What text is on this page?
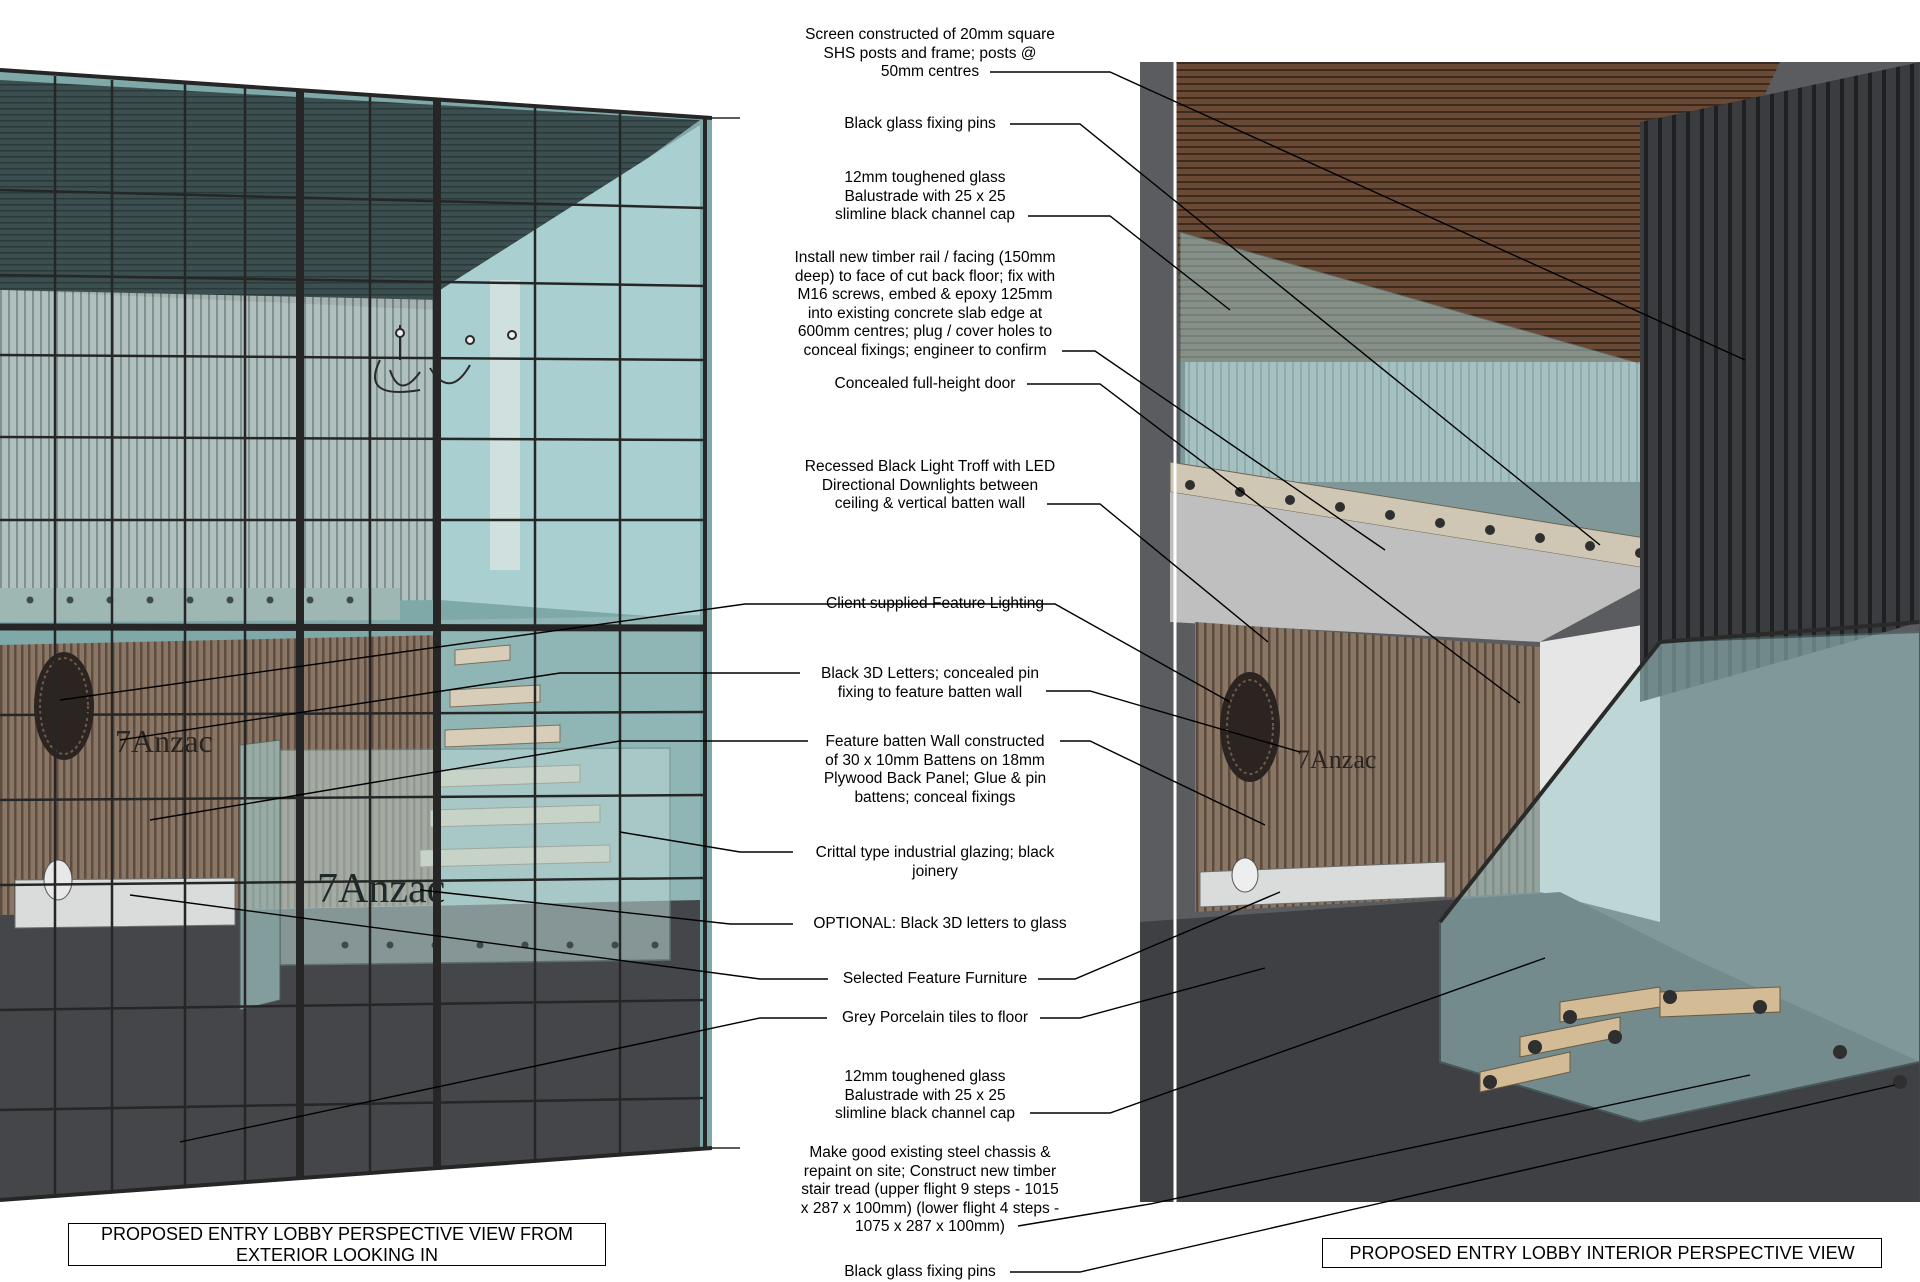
7Anzac
7Anzac
7Anzac
Screen constructed of 20mm square
SHS posts and frame; posts @
50mm centres
Black glass fixing pins
12mm toughened glass
Balustrade with 25 x 25
slimline black channel cap
Install new timber rail / facing (150mm
deep) to face of cut back floor; fix with
M16 screws, embed & epoxy 125mm
into existing concrete slab edge at
600mm centres; plug / cover holes to
conceal fixings; engineer to confirm
Concealed full-height door
Recessed Black Light Troff with LED
Directional Downlights between
ceiling & vertical batten wall
Client supplied Feature Lighting
Black 3D Letters; concealed pin
fixing to feature batten wall
Feature batten Wall constructed
of 30 x 10mm Battens on 18mm
Plywood Back Panel; Glue & pin
battens; conceal fixings
Crittal type industrial glazing; black
joinery
OPTIONAL: Black 3D letters to glass
Selected Feature Furniture
Grey Porcelain tiles to floor
12mm toughened glass
Balustrade with 25 x 25
slimline black channel cap
Make good existing steel chassis &
repaint on site; Construct new timber
stair tread (upper flight 9 steps - 1015
x 287 x 100mm) (lower flight 4 steps -
1075 x 287 x 100mm)
Black glass fixing pins
PROPOSED ENTRY LOBBY PERSPECTIVE VIEW FROM
EXTERIOR LOOKING IN	PROPOSED ENTRY LOBBY INTERIOR PERSPECTIVE VIEW
